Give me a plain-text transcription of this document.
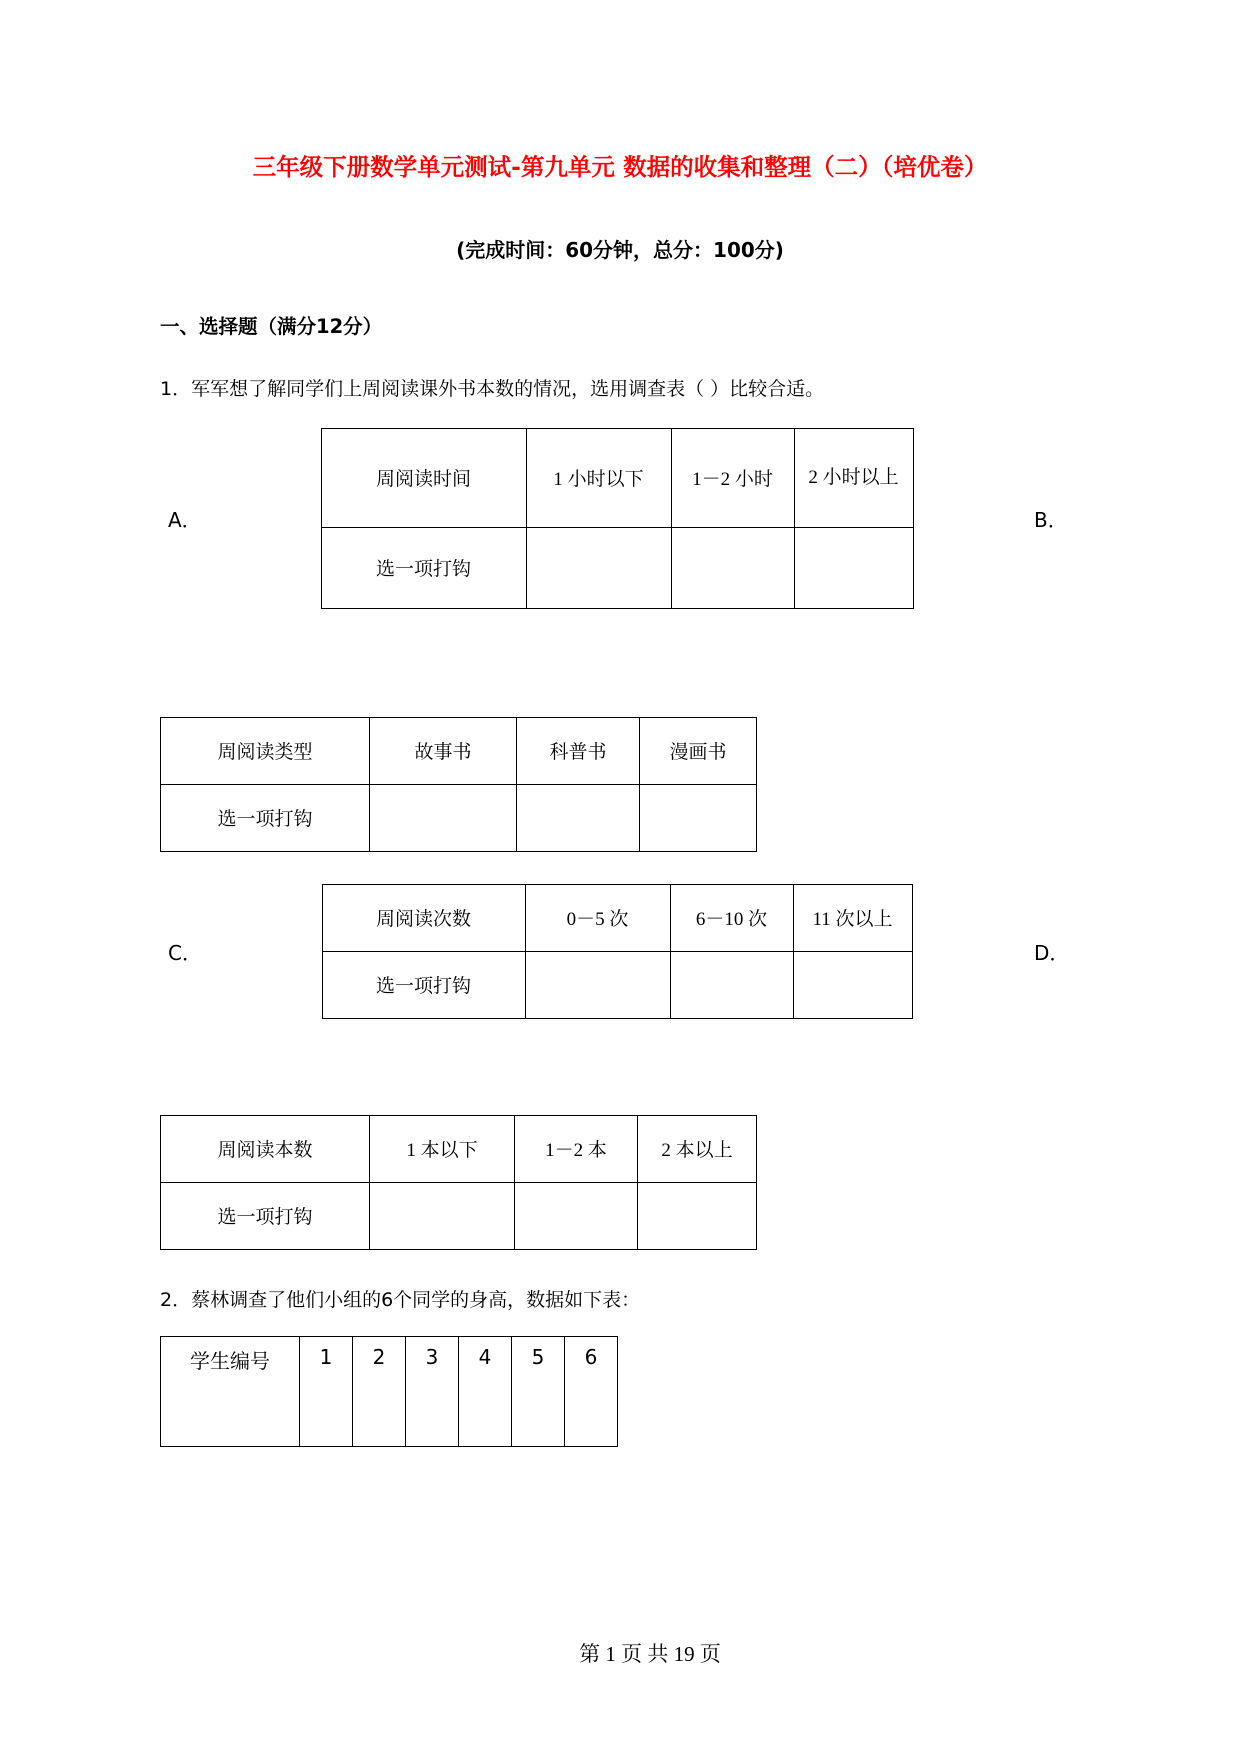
三年级下册数学单元测试-第九单元 数据的收集和整理（二）（培优卷）
(完成时间：60分钟，总分：100分)
一、选择题（满分12分）
1．军军想了解同学们上周阅读课外书本数的情况，选用调查表（ ）比较合适。
A．
周阅读时间	1 小时以下	1－2 小时	2 小时以上
选一项打钩			
B．
周阅读类型	故事书	科普书	漫画书
选一项打钩			
C．
周阅读次数	0－5 次	6－10 次	11 次以上
选一项打钩			
D．
周阅读本数	1 本以下	1－2 本	2 本以上
选一项打钩			
2．蔡林调查了他们小组的6个同学的身高，数据如下表：
学生编号	1	2	3	4	5	6
第 1 页 共 19 页
